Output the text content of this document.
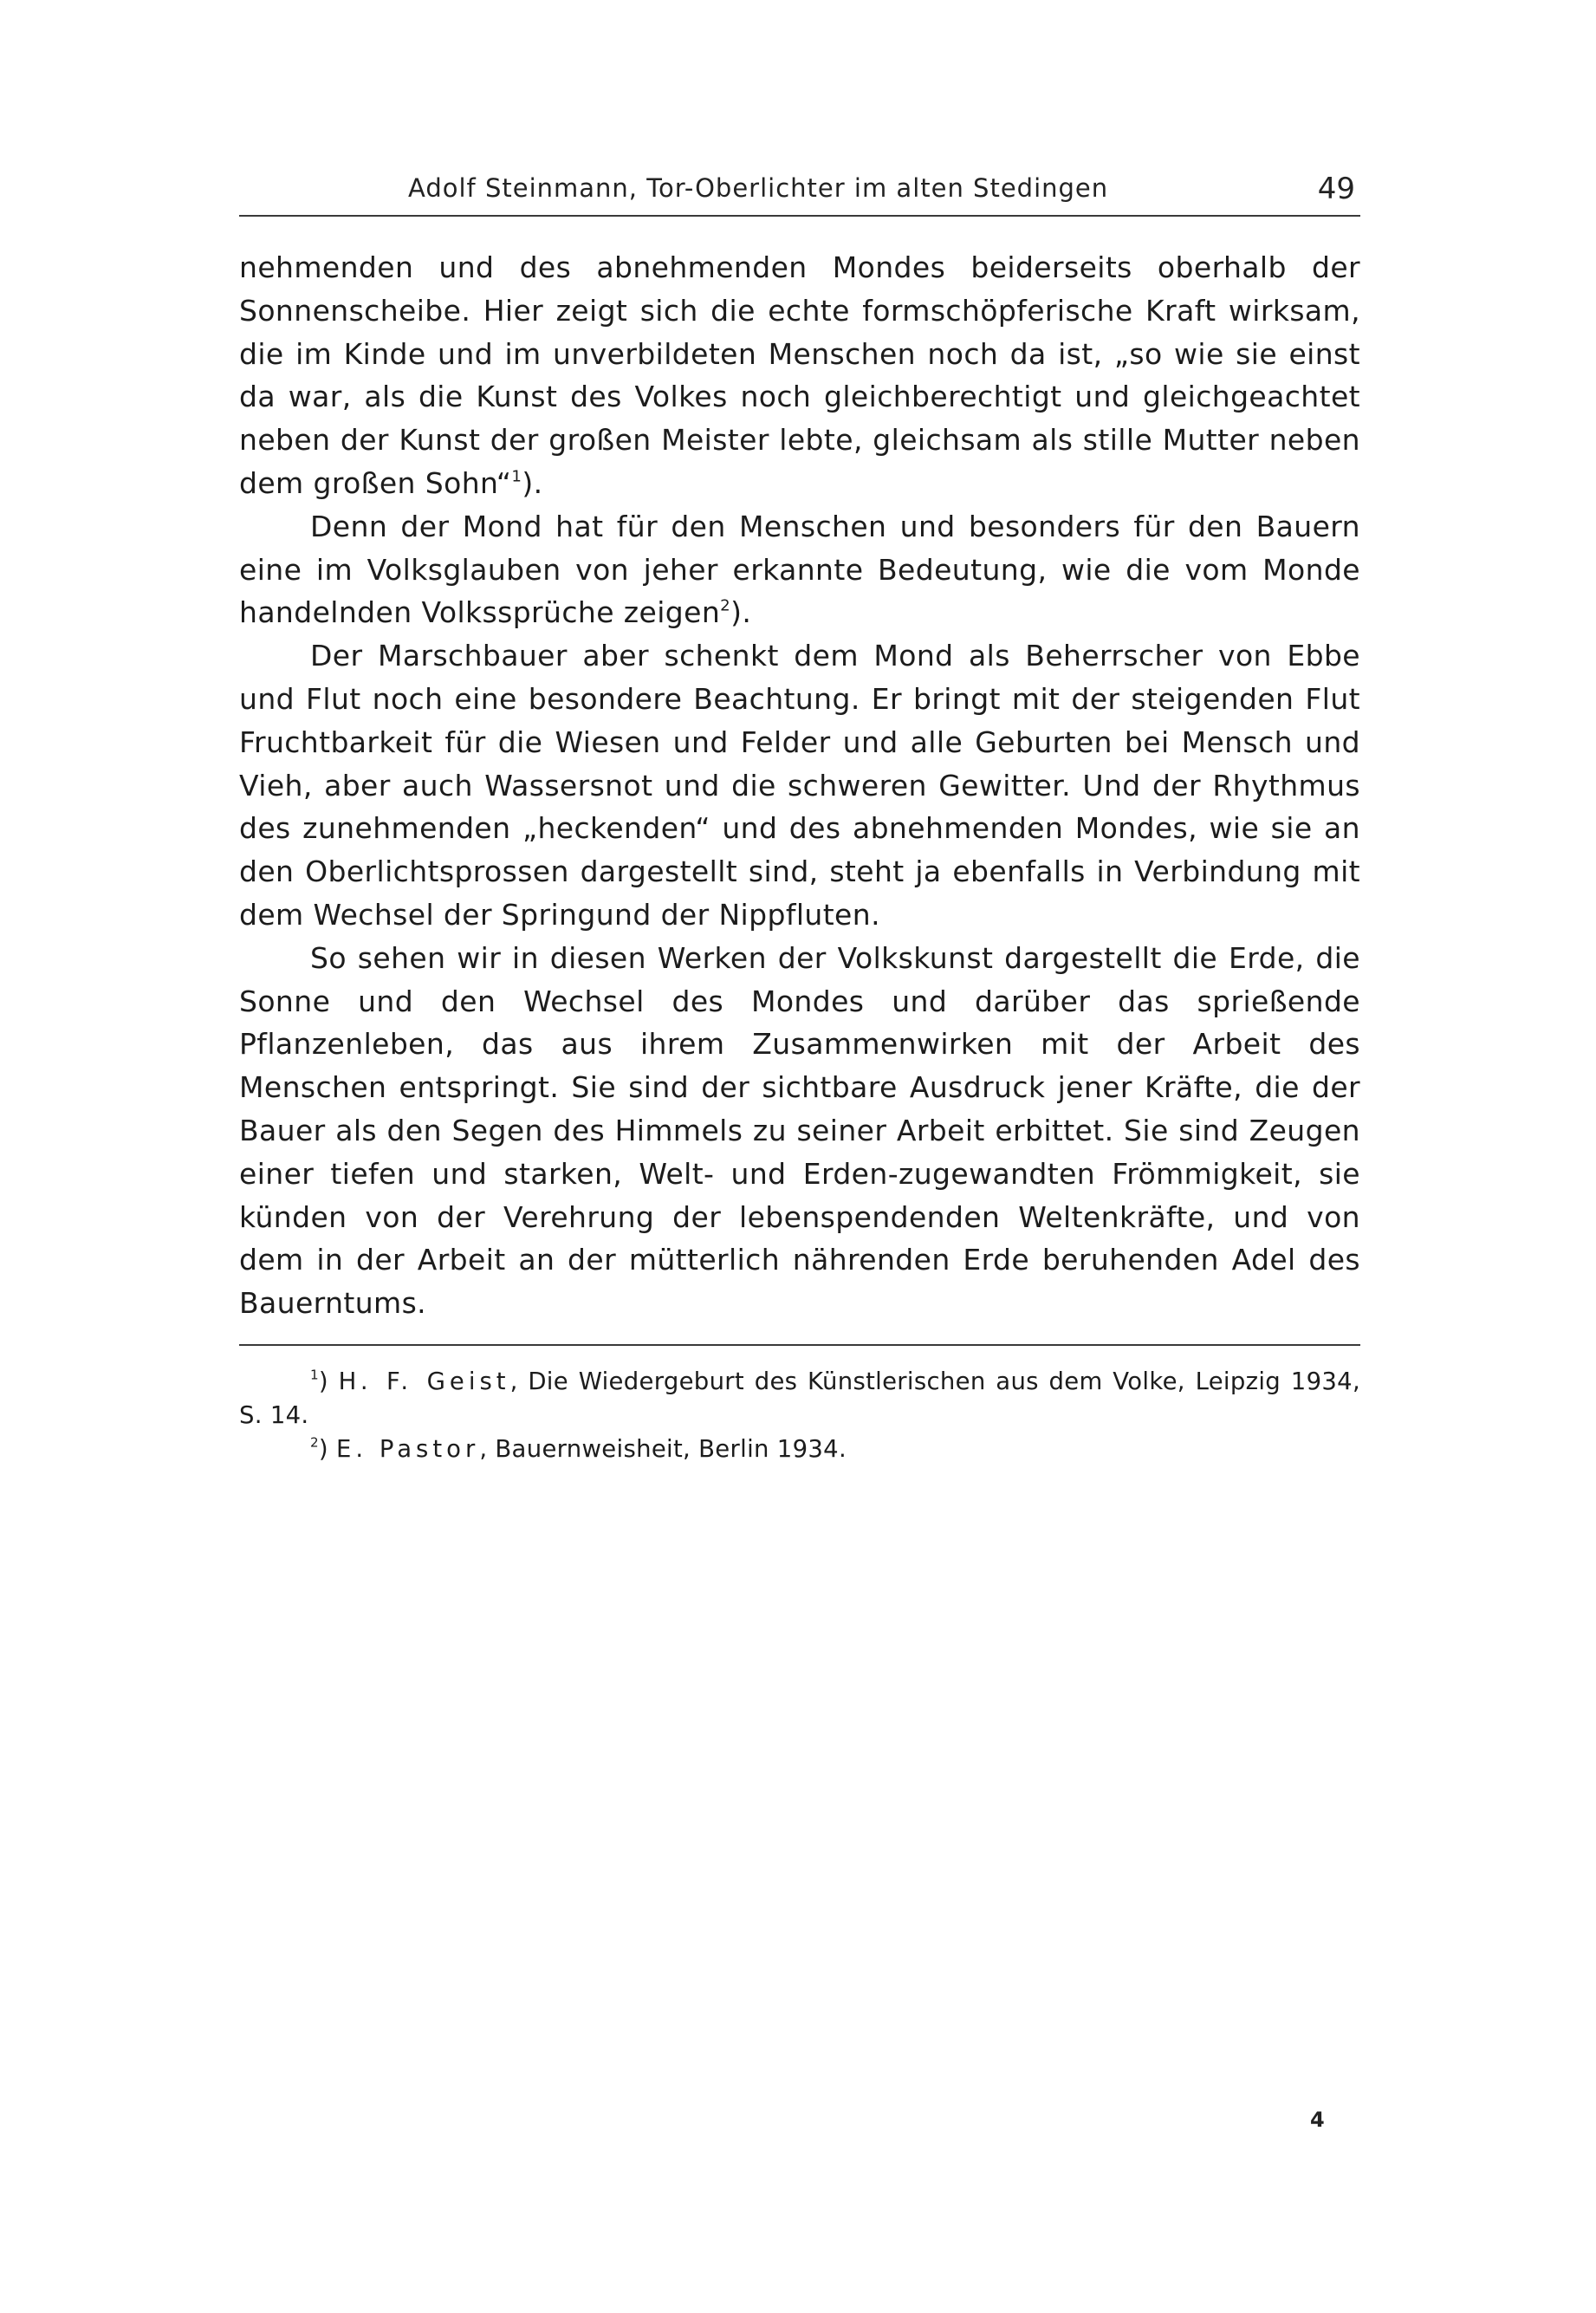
Adolf Steinmann, Tor-Oberlichter im alten Stedingen	49

nehmenden und des abnehmenden Mondes beiderseits oberhalb der Sonnenscheibe. Hier zeigt sich die echte formschöpferische Kraft wirksam, die im Kinde und im unverbildeten Menschen noch da ist, „so wie sie einst da war, als die Kunst des Volkes noch gleichberechtigt und gleichgeachtet neben der Kunst der großen Meister lebte, gleichsam als stille Mutter neben dem großen Sohn“$^1$).

Denn der Mond hat für den Menschen und besonders für den Bauern eine im Volksglauben von jeher erkannte Bedeutung, wie die vom Monde handelnden Volkssprüche zeigen$^2$).

Der Marschbauer aber schenkt dem Mond als Beherrscher von Ebbe und Flut noch eine besondere Beachtung. Er bringt mit der steigenden Flut Fruchtbarkeit für die Wiesen und Felder und alle Geburten bei Mensch und Vieh, aber auch Wassersnot und die schweren Gewitter. Und der Rhythmus des zunehmenden „heckenden“ und des abnehmenden Mondes, wie sie an den Oberlichtsprossen dargestellt sind, steht ja ebenfalls in Verbindung mit dem Wechsel der Springund der Nippfluten.

So sehen wir in diesen Werken der Volkskunst dargestellt die Erde, die Sonne und den Wechsel des Mondes und darüber das sprießende Pflanzenleben, das aus ihrem Zusammenwirken mit der Arbeit des Menschen entspringt. Sie sind der sichtbare Ausdruck jener Kräfte, die der Bauer als den Segen des Himmels zu seiner Arbeit erbittet. Sie sind Zeugen einer tiefen und starken, Welt- und Erden-zugewandten Frömmigkeit, sie künden von der Verehrung der lebenspendenden Weltenkräfte, und von dem in der Arbeit an der mütterlich nährenden Erde beruhenden Adel des Bauerntums.

$^1$) H. F. Geist, Die Wiedergeburt des Künstlerischen aus dem Volke, Leipzig 1934, S. 14.

$^2$) E. Pastor, Bauernweisheit, Berlin 1934.

4
